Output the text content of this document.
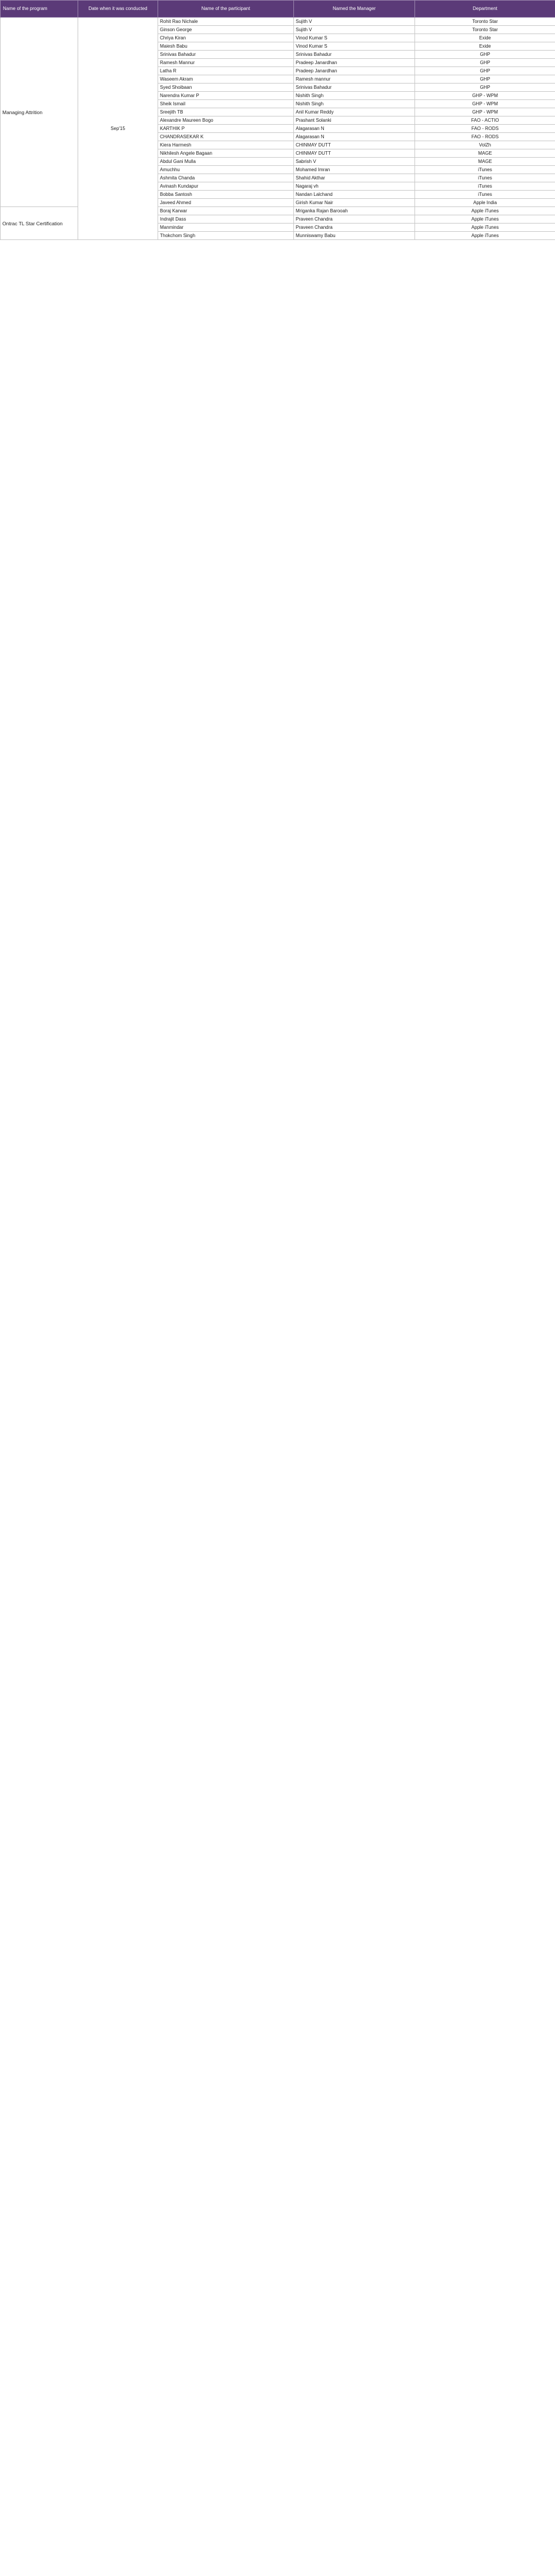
Name of the program	Date when it was conducted	Name of the participant	Named the Manager	Department
Managing Attrition	Sep'15	Rohit Rao Nichale	Sujith V	Toronto Star
		Ginson George	Sujith V	Toronto Star
		Chriya Kiran	Vinod Kumar S	Exide
		Maiesh Babu	Vinod Kumar S	Exide
		Srinivas Bahadur	Srinivas Bahadur	GHP
		Ramesh Mannur	Pradeep Janardhan	GHP
		Latha R	Pradeep Janardhan	GHP
		Waseem Akram	Ramesh mannur	GHP
		Syed Shoibaan	Srinivas Bahadur	GHP
		Narendra Kumar P	Nishith Singh	GHP - WPM
		Sheik Ismail	Nishith Singh	GHP - WPM
		Sreejith TB	Anil Kumar Reddy	GHP - WPM
		Alexandre Maureen Bogo	Prashant Solanki	FAO - ACTIO
		KARTHIK P	Alagarasan N	FAO - RODS
		CHANDRASEKAR K	Alagarasan N	FAO - RODS
		Kiera Harmesh	CHINMAY DUTT	VolZh
		Nikhilesh Angele Bagaan	CHINMAY DUTT	MAGE
		Abdul Gani Mulla	Sabrish V	MAGE
		Amuchhu	Mohamed Imran	iTunes
		Ashmita Chanda	Shahid Akthar	iTunes
		Avinash Kundapur	Nagaraj vh	iTunes
		Bobba Santosh	Nandan Lalchand	iTunes
		Javeed Ahmed	Girish Kumar Nair	Apple India
Ontrac TL Star Certification		Boraj Karwar	Mriganka Rajan Barooah	Apple iTunes
		Indrajit Dass	Praveen Chandra	Apple iTunes
		Manmindar	Praveen Chandra	Apple iTunes
		Thokchom Singh	Munniswamy Babu	Apple iTunes
